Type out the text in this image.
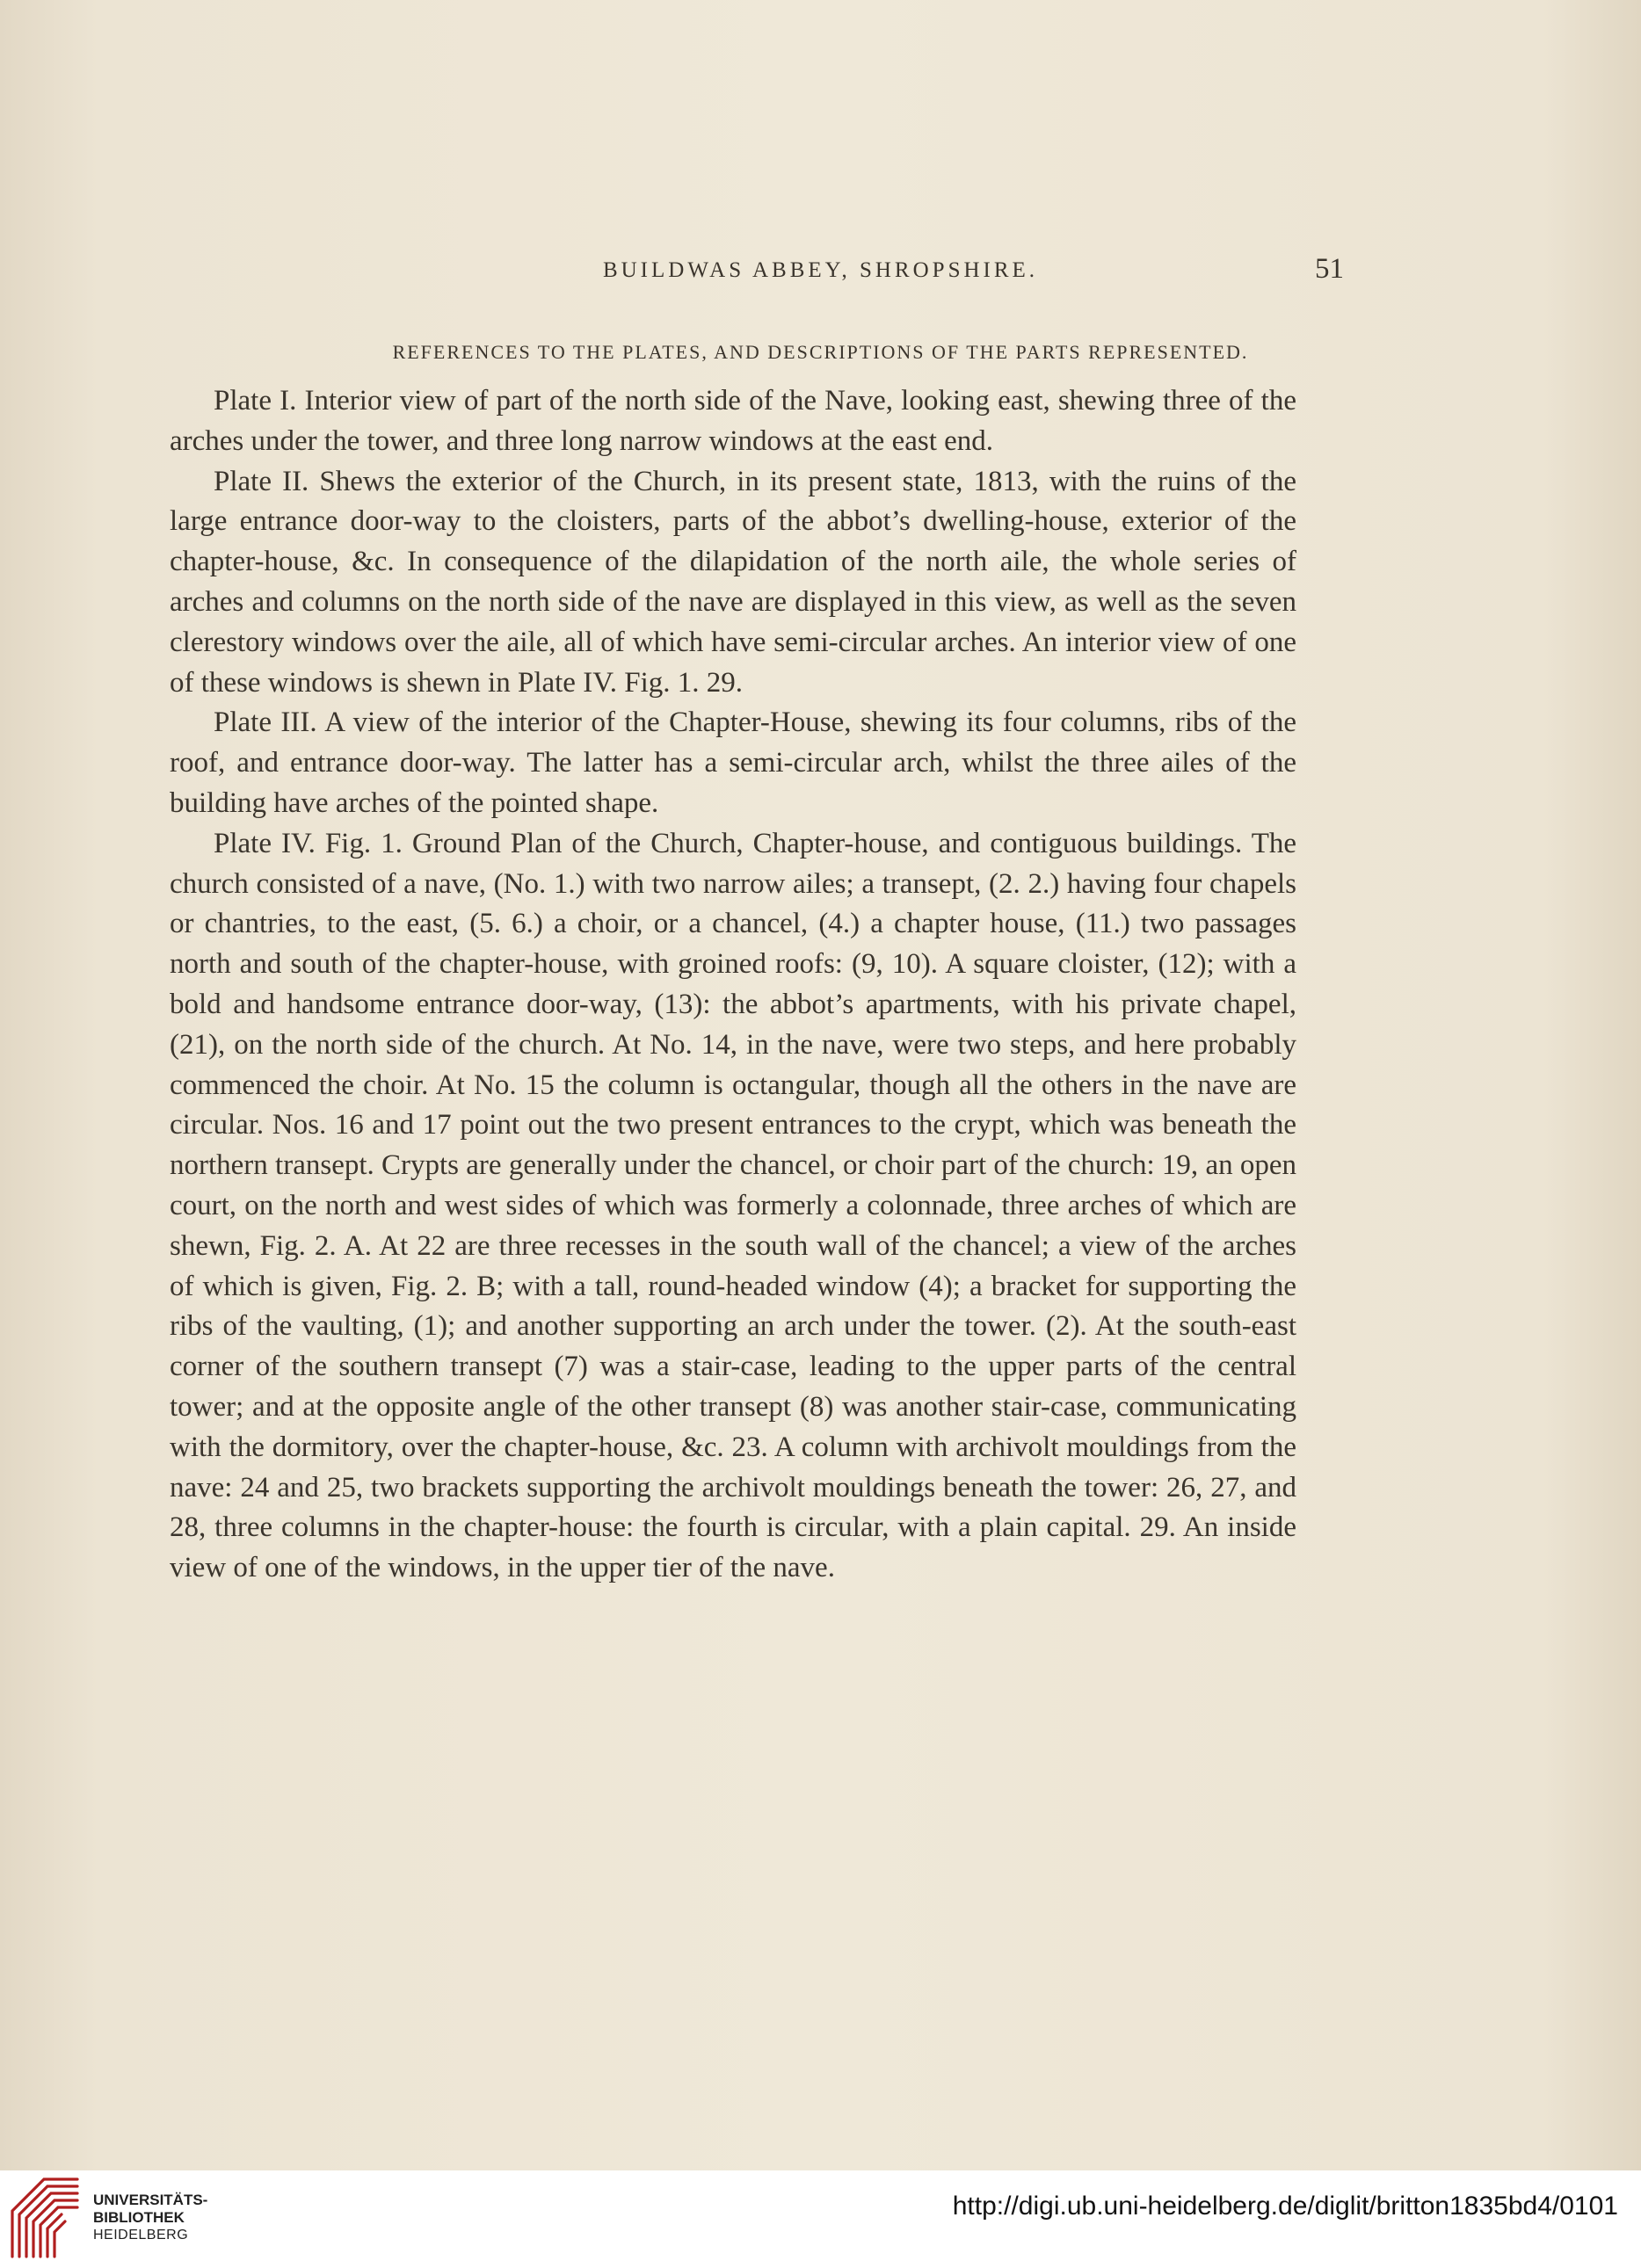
BUILDWAS ABBEY, SHROPSHIRE.	51
REFERENCES TO THE PLATES, AND DESCRIPTIONS OF THE PARTS REPRESENTED.

Plate I. Interior view of part of the north side of the Nave, looking east, shewing three of the arches under the tower, and three long narrow windows at the east end.

Plate II. Shews the exterior of the Church, in its present state, 1813, with the ruins of the large entrance door-way to the cloisters, parts of the abbot’s dwelling-house, exterior of the chapter-house, &c. In consequence of the dilapidation of the north aile, the whole series of arches and columns on the north side of the nave are displayed in this view, as well as the seven clerestory windows over the aile, all of which have semi-circular arches. An interior view of one of these windows is shewn in Plate IV. Fig. 1. 29.

Plate III. A view of the interior of the Chapter-House, shewing its four columns, ribs of the roof, and entrance door-way. The latter has a semi-circular arch, whilst the three ailes of the building have arches of the pointed shape.

Plate IV. Fig. 1. Ground Plan of the Church, Chapter-house, and contiguous buildings. The church consisted of a nave, (No. 1.) with two narrow ailes; a transept, (2. 2.) having four chapels or chantries, to the east, (5. 6.) a choir, or a chancel, (4.) a chapter house, (11.) two passages north and south of the chapter-house, with groined roofs: (9, 10). A square cloister, (12); with a bold and handsome entrance door-way, (13): the abbot’s apartments, with his private chapel, (21), on the north side of the church. At No. 14, in the nave, were two steps, and here probably commenced the choir. At No. 15 the column is octangular, though all the others in the nave are circular. Nos. 16 and 17 point out the two present entrances to the crypt, which was beneath the northern transept. Crypts are generally under the chancel, or choir part of the church: 19, an open court, on the north and west sides of which was formerly a colonnade, three arches of which are shewn, Fig. 2. A. At 22 are three recesses in the south wall of the chancel; a view of the arches of which is given, Fig. 2. B; with a tall, round-headed window (4); a bracket for supporting the ribs of the vaulting, (1); and another supporting an arch under the tower. (2). At the south-east corner of the southern transept (7) was a stair-case, leading to the upper parts of the central tower; and at the opposite angle of the other transept (8) was another stair-case, communicating with the dormitory, over the chapter-house, &c. 23. A column with archivolt mouldings from the nave: 24 and 25, two brackets supporting the archivolt mouldings beneath the tower: 26, 27, and 28, three columns in the chapter-house: the fourth is circular, with a plain capital. 29. An inside view of one of the windows, in the upper tier of the nave.

UNIVERSITÄTS-
BIBLIOTHEK
HEIDELBERG
http://digi.ub.uni-heidelberg.de/diglit/britton1835bd4/0101
